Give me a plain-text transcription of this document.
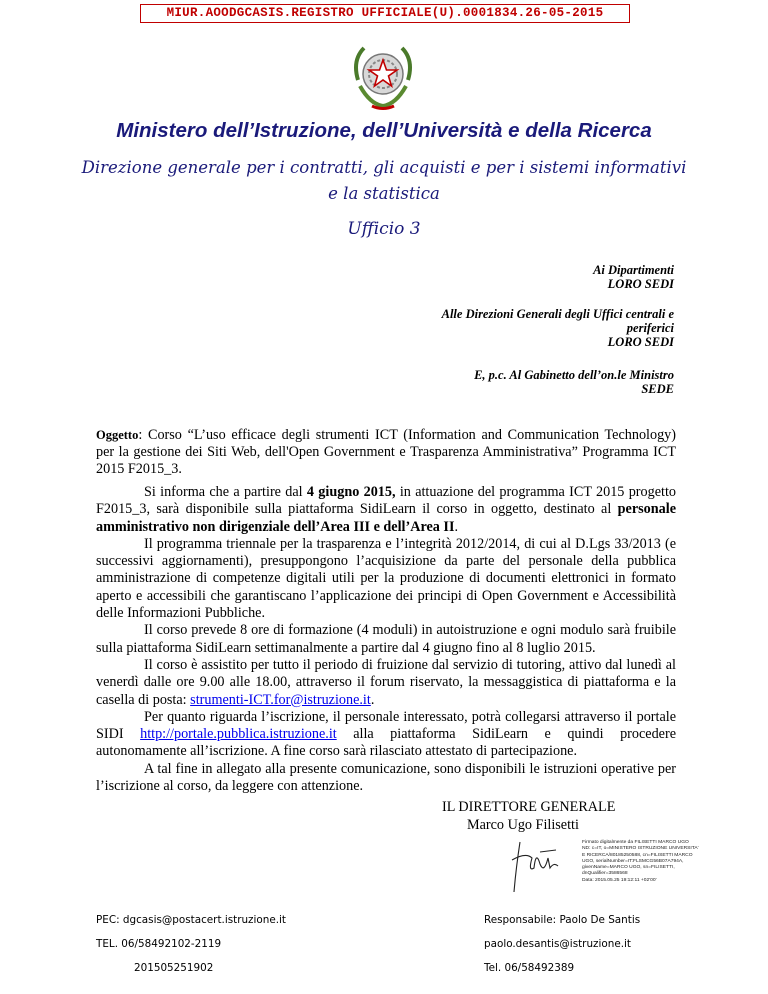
MIUR.AOODGCASIS.REGISTRO UFFICIALE(U).0001834.26-05-2015
Ministero dell’Istruzione, dell’Università e della Ricerca
Direzione generale per i contratti, gli acquisti e per i sistemi informativi
e la statistica
Ufficio 3
Ai Dipartimenti
LORO SEDI
Alle Direzioni Generali degli Uffici centrali e
periferici
LORO SEDI
E, p.c. Al Gabinetto dell’on.le Ministro
SEDE
Oggetto: Corso “L’uso efficace degli strumenti ICT (Information and Communication Technology) per la gestione dei Siti Web, dell'Open Government e Trasparenza Amministrativa” Programma ICT 2015 F2015_3.

Si informa che a partire dal 4 giugno 2015, in attuazione del programma ICT 2015 progetto F2015_3, sarà disponibile sulla piattaforma SidiLearn il corso in oggetto, destinato al personale amministrativo non dirigenziale dell’Area III e dell’Area II.

Il programma triennale per la trasparenza e l’integrità 2012/2014, di cui al D.Lgs 33/2013 (e successivi aggiornamenti), presuppongono l’acquisizione da parte del personale della pubblica amministrazione di competenze digitali utili per la produzione di documenti elettronici in formato aperto e accessibili che garantiscano l’applicazione dei principi di Open Government e Accessibilità delle Informazioni Pubbliche.

Il corso prevede 8 ore di formazione (4 moduli) in autoistruzione e ogni modulo sarà fruibile sulla piattaforma SidiLearn settimanalmente a partire dal 4 giugno fino al 8 luglio 2015.

Il corso è assistito per tutto il periodo di fruizione dal servizio di tutoring, attivo dal lunedì al venerdì dalle ore 9.00 alle 18.00, attraverso il forum riservato, la messaggistica di piattaforma e la casella di posta: strumenti-ICT.for@istruzione.it.

Per quanto riguarda l’iscrizione, il personale interessato, potrà collegarsi attraverso il portale SIDI http://portale.pubblica.istruzione.it alla piattaforma SidiLearn e quindi procedere autonomamente all’iscrizione. A fine corso sarà rilasciato attestato di partecipazione.

A tal fine in allegato alla presente comunicazione, sono disponibili le istruzioni operative per l’iscrizione al corso, da leggere con attenzione.

IL DIRETTORE GENERALE
Marco Ugo Filisetti
Firmato digitalmente da FILISETTI MARCO UGO
ND: c=IT, o=MINISTERO ISTRUZIONE UNIVERSITA'
E RICERCA/80185250588, cn=FILISETTI MARCO
UGO, serialNumber=IT:FLSMCG56B07A794A,
givenName=MARCO UGO, sn=FILISETTI,
dnQualifier=3586568
Data: 2015.05.25 19:12:11 +02'00'
PEC: dgcasis@postacert.istruzione.it
TEL. 06/58492102-2119
201505251902
Responsabile: Paolo De Santis
paolo.desantis@istruzione.it
Tel. 06/58492389
